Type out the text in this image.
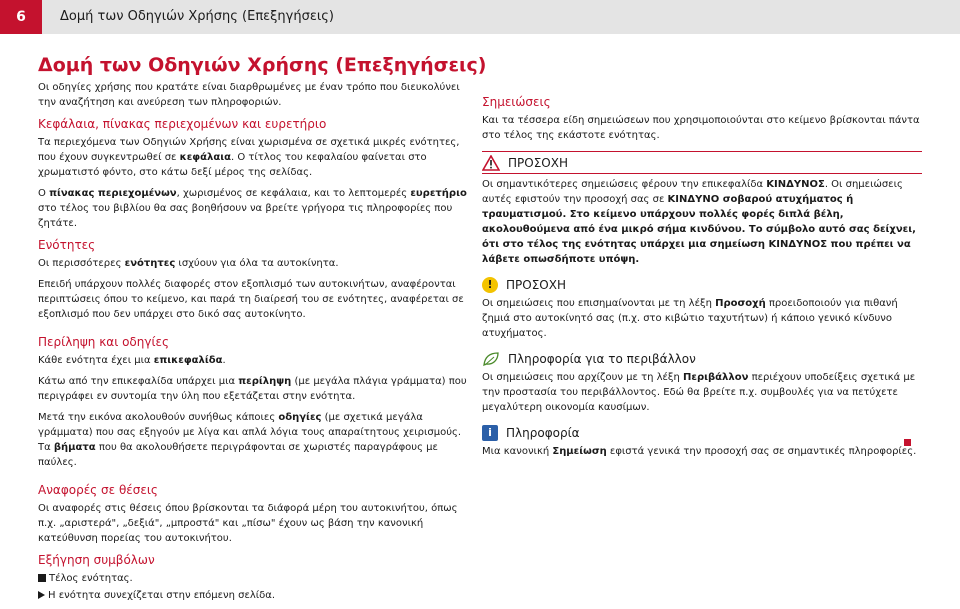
6	Δομή των Οδηγιών Χρήσης (Επεξηγήσεις)
Δομή των Οδηγιών Χρήσης (Επεξηγήσεις)

Οι οδηγίες χρήσης που κρατάτε είναι διαρθρωμένες με έναν τρόπο που διευκολύνει την αναζήτηση και ανεύρεση των πληροφοριών.

Κεφάλαια, πίνακας περιεχομένων και ευρετήριο

Τα περιεχόμενα των Οδηγιών Χρήσης είναι χωρισμένα σε σχετικά μικρές ενότητες, που έχουν συγκεντρωθεί σε κεφάλαια. Ο τίτλος του κεφαλαίου φαίνεται στο χρωματιστό φόντο, στο κάτω δεξί μέρος της σελίδας.

Ο πίνακας περιεχομένων, χωρισμένος σε κεφάλαια, και το λεπτομερές ευρετήριο στο τέλος του βιβλίου θα σας βοηθήσουν να βρείτε γρήγορα τις πληροφορίες που ζητάτε.

Ενότητες

Οι περισσότερες ενότητες ισχύουν για όλα τα αυτοκίνητα.

Επειδή υπάρχουν πολλές διαφορές στον εξοπλισμό των αυτοκινήτων, αναφέρονται περιπτώσεις όπου το κείμενο, και παρά τη διαίρεσή του σε ενότητες, αναφέρεται σε εξοπλισμό που δεν υπάρχει στο δικό σας αυτοκίνητο.

Περίληψη και οδηγίες

Κάθε ενότητα έχει μια επικεφαλίδα.

Κάτω από την επικεφαλίδα υπάρχει μια περίληψη (με μεγάλα πλάγια γράμματα) που περιγράφει εν συντομία την ύλη που εξετάζεται στην ενότητα.

Μετά την εικόνα ακολουθούν συνήθως κάποιες οδηγίες (με σχετικά μεγάλα γράμματα) που σας εξηγούν με λίγα και απλά λόγια τους απαραίτητους χειρισμούς. Τα βήματα που θα ακολουθήσετε περιγράφονται σε χωριστές παραγράφους με παύλες.

Αναφορές σε θέσεις

Οι αναφορές στις θέσεις όπου βρίσκονται τα διάφορά μέρη του αυτοκινήτου, όπως π.χ. „αριστερά", „δεξιά", „μπροστά" και „πίσω" έχουν ως βάση την κανονική κατεύθυνση πορείας του αυτοκινήτου.

Εξήγηση συμβόλων

Τέλος ενότητας.

Η ενότητα συνεχίζεται στην επόμενη σελίδα.

Σημειώσεις

Και τα τέσσερα είδη σημειώσεων που χρησιμοποιούνται στο κείμενο βρίσκονται πάντα στο τέλος της εκάστοτε ενότητας.

ΠΡΟΣΟΧΗ

Οι σημαντικότερες σημειώσεις φέρουν την επικεφαλίδα ΚΙΝΔΥΝΟΣ. Οι σημειώσεις αυτές εφιστούν την προσοχή σας σε ΚΙΝΔΥΝΟ σοβαρού ατυχήματος ή τραυματισμού. Στο κείμενο υπάρχουν πολλές φορές διπλά βέλη, ακολουθούμενα από ένα μικρό σήμα κινδύνου. Το σύμβολο αυτό σας δείχνει, ότι στο τέλος της ενότητας υπάρχει μια σημείωση ΚΙΝΔΥΝΟΣ που πρέπει να λάβετε οπωσδήποτε υπόψη.

!	ΠΡΟΣΟΧΗ

Οι σημειώσεις που επισημαίνονται με τη λέξη Προσοχή προειδοποιούν για πιθανή ζημιά στο αυτοκίνητό σας (π.χ. στο κιβώτιο ταχυτήτων) ή κάποιο γενικό κίνδυνο ατυχήματος.

Πληροφορία για το περιβάλλον

Οι σημειώσεις που αρχίζουν με τη λέξη Περιβάλλον περιέχουν υποδείξεις σχετικά με την προστασία του περιβάλλοντος. Εδώ θα βρείτε π.χ. συμβουλές για να πετύχετε μεγαλύτερη οικονομία καυσίμων.

i	Πληροφορία

Μια κανονική Σημείωση εφιστά γενικά την προσοχή σας σε σημαντικές πληροφορίες.
